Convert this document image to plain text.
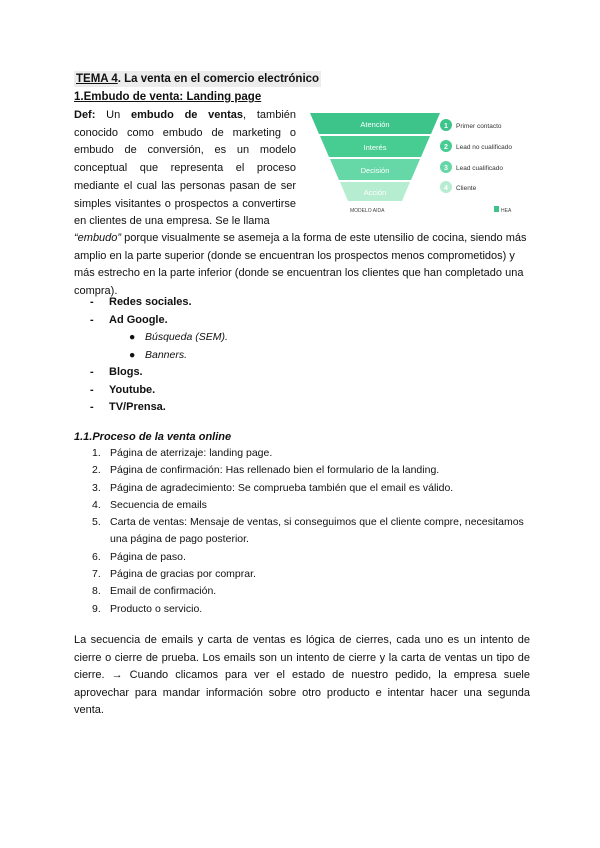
TEMA 4. La venta en el comercio electrónico
1.Embudo de venta: Landing page
Def: Un embudo de ventas, también conocido como embudo de marketing o embudo de conversión, es un modelo conceptual que representa el proceso mediante el cual las personas pasan de ser simples visitantes o prospectos a convertirse en clientes de una empresa. Se le llama
“embudo” porque visualmente se asemeja a la forma de este utensilio de cocina, siendo más amplio en la parte superior (donde se encuentran los prospectos menos comprometidos) y más estrecho en la parte inferior (donde se encuentran los clientes que han completado una compra).
Atención
Interés
Decisión
Acción
1
2
3
4
Primer contacto
Lead no cualificado
Lead cualificado
Cliente
MODELO AIDA	HEA
- Redes sociales.
- Ad Google.
● Búsqueda (SEM).
● Banners.
- Blogs.
- Youtube.
- TV/Prensa.
1.1.Proceso de la venta online
1. Página de aterrizaje: landing page.
2. Página de confirmación: Has rellenado bien el formulario de la landing.
3. Página de agradecimiento: Se comprueba también que el email es válido.
4. Secuencia de emails
5. Carta de ventas: Mensaje de ventas, si conseguimos que el cliente compre, necesitamos una página de pago posterior.
6. Página de paso.
7. Página de gracias por comprar.
8. Email de confirmación.
9. Producto o servicio.
La secuencia de emails y carta de ventas es lógica de cierres, cada uno es un intento de cierre o cierre de prueba. Los emails son un intento de cierre y la carta de ventas un tipo de cierre. → Cuando clicamos para ver el estado de nuestro pedido, la empresa suele aprovechar para mandar información sobre otro producto e intentar hacer una segunda venta.
